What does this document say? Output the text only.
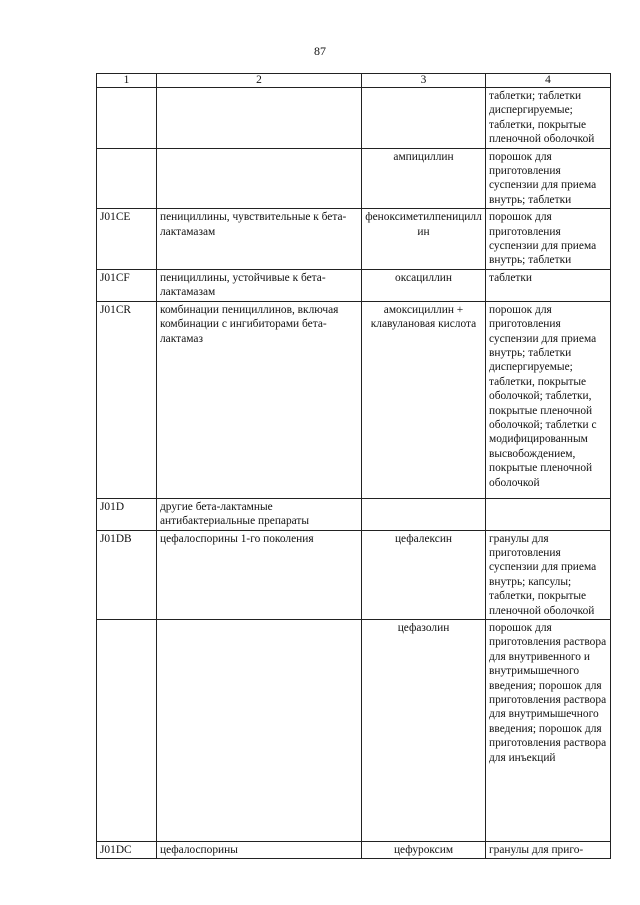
87
1	2	3	4
			таблетки; таблетки диспергируемые; таблетки, покрытые пленочной оболочкой
		ампициллин	порошок для приготовления суспензии для приема внутрь; таблетки
J01CE	пенициллины, чувствительные к бета-лактамазам	феноксиметилпенициллин	порошок для приготовления суспензии для приема внутрь; таблетки
J01CF	пенициллины, устойчивые к бета-лактамазам	оксациллин	таблетки
J01CR	комбинации пенициллинов, включая комбинации с ингибиторами бета-лактамаз	амоксициллин + клавулановая кислота	порошок для приготовления суспензии для приема внутрь; таблетки диспергируемые; таблетки, покрытые оболочкой; таблетки, покрытые пленочной оболочкой; таблетки с модифицированным высвобождением, покрытые пленочной оболочкой
J01D	другие бета-лактамные антибактериальные препараты		
J01DB	цефалоспорины 1-го поколения	цефалексин	гранулы для приготовления суспензии для приема внутрь; капсулы; таблетки, покрытые пленочной оболочкой
		цефазолин	порошок для приготовления раствора для внутривенного и внутримышечного введения; порошок для приготовления раствора для внутримышечного введения; порошок для приготовления раствора для инъекций
J01DC	цефалоспорины	цефуроксим	гранулы для приго-
